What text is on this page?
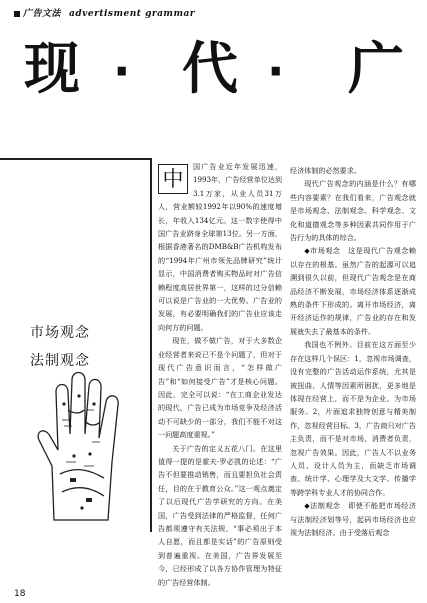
广告文法 advertisment grammar
现 · 代 · 广
市场观念
法制观念

中	国广告业近年发展迅速，1993年，广告经营单位达到3.1万家，从业人员31万人，营业额较1992年以90%的速度增长，年收入134亿元。这一数字使得中国广告业跻身全球第13位。另一方面，根据香港著名的DMB&B广告机构发布的“1994年广州市领先品牌研究”统计显示，中国消费者购买物品时对广告信赖程度高居世界第一，这样的过分信赖可以说是广告业的一大优势。广告业的发展，有必要明确我们的广告业应该走向何方的问题。

现在，做不做广告，对于大多数企业经营者来说已不是个问题了，但对于现代广告意识而言，“怎样做广告”和“如何接受广告”才是核心问题。因此，完全可以说：“在工商企业发达的现代，广告已成为市场竞争及经济活动不可缺少的一部分，我们不能不对这一问题高度重视。”

关于广告的定义五花八门。在这里值得一提的是霍夫·罗必凯的论述：“广告不但要推动销售，而且要担负社会责任，目的在于教育公众。”这一观点奠定了以后现代广告学研究的方向。在美国，广告受到法律的严格监督，任何广告都须遵守有关法规，“事必须出于本人自愿，而且都是实话”的广告原则受到普遍重视。在美国，广告界发展至今，已经形成了以各方协作管理为特征的广告经营体制。

经济体制的必然要求。

现代广告观念的内涵是什么？有哪些内容要素？在我们看来，广告观念就是市场观念、法制观念、科学观念、文化和道德观念等多种因素共同作用于广告行为的具体的综合。

◆市场观念　这是现代广告观念赖以存在的根基。虽然广告的起源可以追溯到很久以前，但现代广告观念是在商品经济不断发展，市场经济体系逐渐成熟的条件下形成的。离开市场经济，离开经济运作的规律，广告业的存在和发展就失去了最基本的条件。

我国也不例外。目前在这方面至少存在这样几个误区：1，忽视市场调查，没有完整的广告活动运作系统，尤其是被扭曲、人情等因素所困扰，更多地是体现在经营上，而不是为企业、为市场服务。2，片面追求独特创意与精美制作，忽视经营目标。3，广告商只对广告主负责，而不是对市场、消费者负责，忽视广告效果。因此，广告人不以业务人员、设计人员为主，而缺乏市场调查、统计学、心理学及大文学、传播学等跨学科专业人才的协同合作。

◆法制观念　即使不能把市场经济与法制经济划等号，起码市场经济也应视为法制经济。由于受落后观念

18
